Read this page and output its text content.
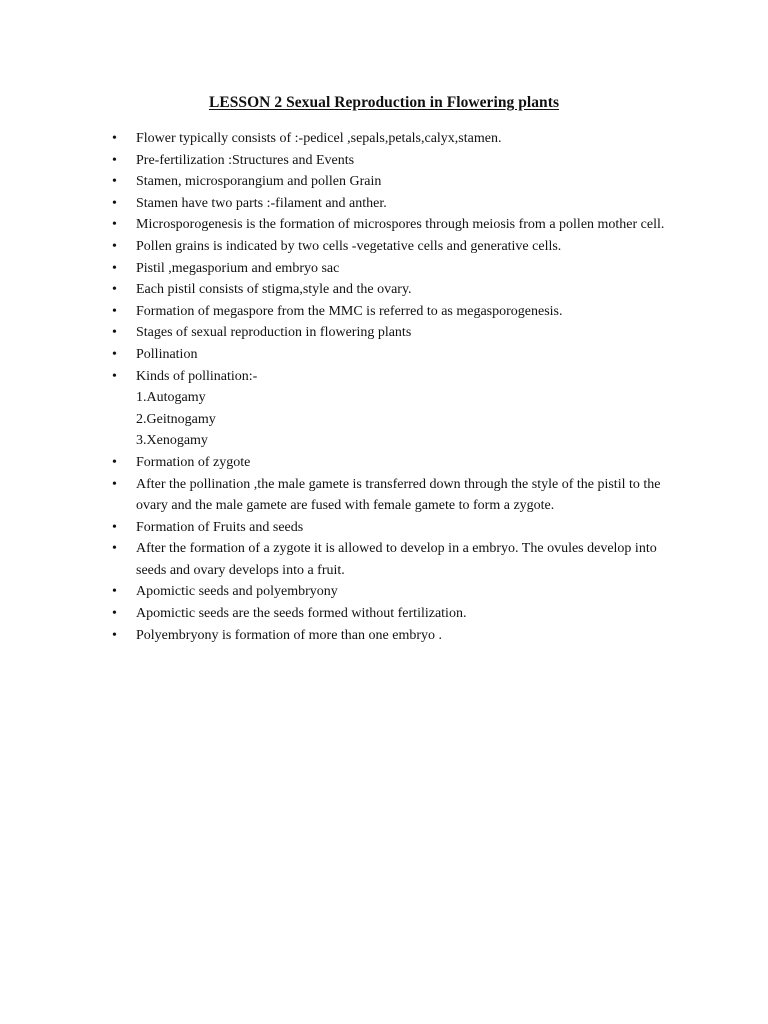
LESSON 2 Sexual Reproduction in Flowering plants
• Flower typically consists of :-pedicel ,sepals,petals,calyx,stamen.
• Pre-fertilization :Structures and Events
• Stamen, microsporangium and pollen Grain
• Stamen have two parts :-filament and anther.
• Microsporogenesis is the formation of microspores through meiosis from a pollen mother cell.
• Pollen grains is indicated by two cells -vegetative cells and generative cells.
• Pistil ,megasporium and embryo sac
• Each pistil consists of stigma,style and the ovary.
• Formation of megaspore from the MMC is referred to as megasporogenesis.
• Stages of sexual reproduction in flowering plants
• Pollination
• Kinds of pollination:-
1.Autogamy
2.Geitnogamy
3.Xenogamy
• Formation of zygote
• After the pollination ,the male gamete is transferred down through the style of the pistil to the ovary and the male gamete are fused with female gamete to form a zygote.
• Formation of Fruits and seeds
• After the formation of a zygote it is allowed to develop in a embryo. The ovules develop into seeds and ovary develops into a fruit.
• Apomictic seeds and polyembryony
• Apomictic seeds are the seeds formed without fertilization.
• Polyembryony is formation of more than one embryo .
